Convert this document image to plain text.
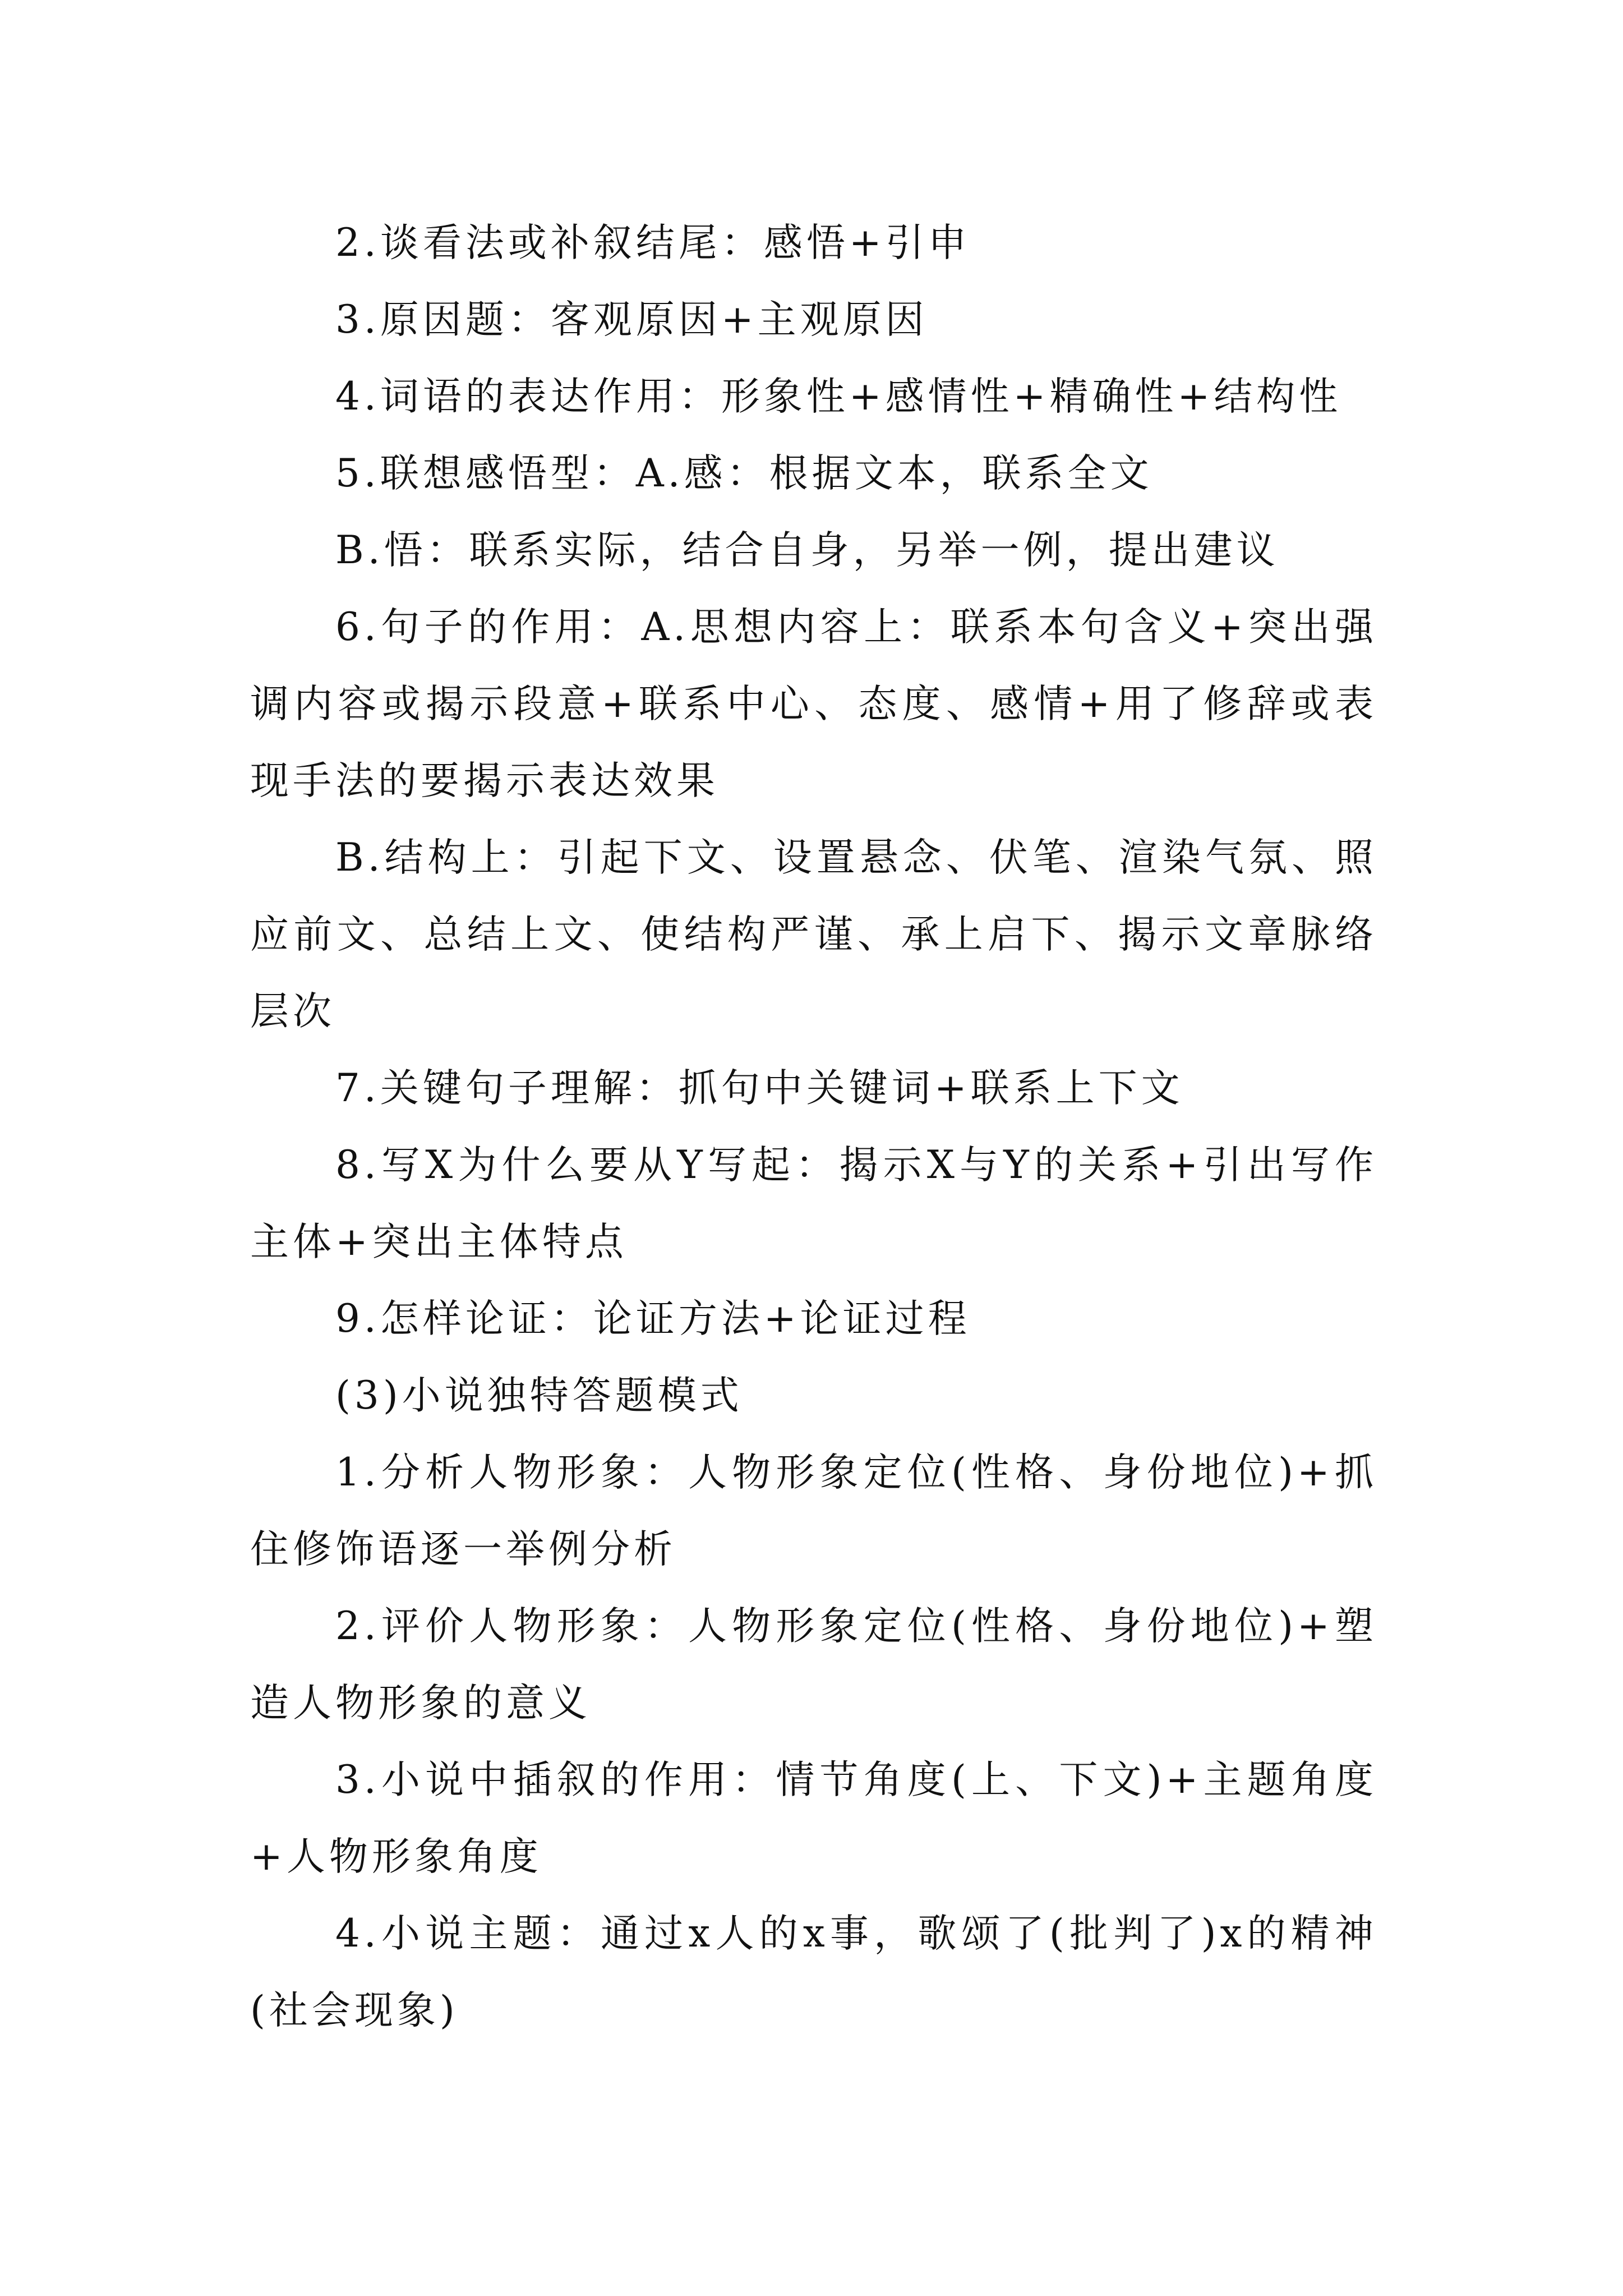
2.谈看法或补叙结尾：感悟+引申

3.原因题：客观原因+主观原因

4.词语的表达作用：形象性+感情性+精确性+结构性

5.联想感悟型：A.感：根据文本，联系全文

B.悟：联系实际，结合自身，另举一例，提出建议

6.句子的作用：A.思想内容上：联系本句含义+突出强调内容或揭示段意+联系中心、态度、感情+用了修辞或表现手法的要揭示表达效果

B.结构上：引起下文、设置悬念、伏笔、渲染气氛、照应前文、总结上文、使结构严谨、承上启下、揭示文章脉络层次

7.关键句子理解：抓句中关键词+联系上下文

8.写X为什么要从Y写起：揭示X与Y的关系+引出写作主体+突出主体特点

9.怎样论证：论证方法+论证过程

(3)小说独特答题模式

1.分析人物形象：人物形象定位(性格、身份地位)+抓住修饰语逐一举例分析

2.评价人物形象：人物形象定位(性格、身份地位)+塑造人物形象的意义

3.小说中插叙的作用：情节角度(上、下文)+主题角度+人物形象角度

4.小说主题：通过x人的x事，歌颂了(批判了)x的精神(社会现象)
